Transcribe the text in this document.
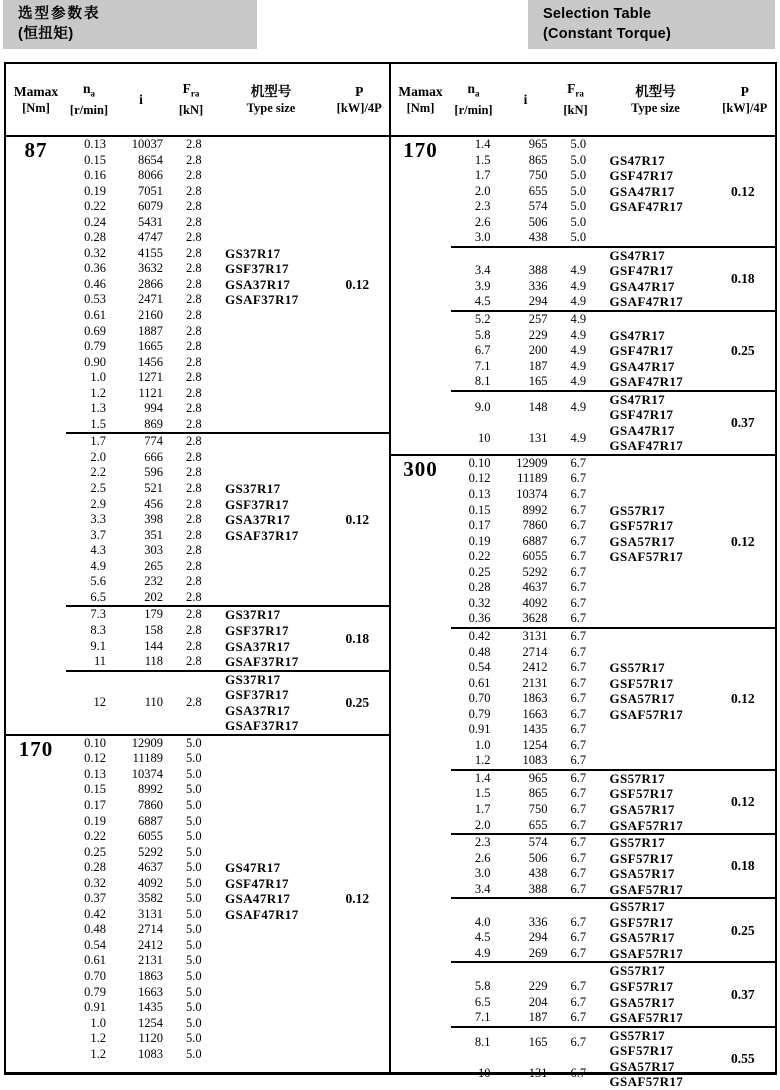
选型参数表
(恒扭矩)
Selection Table
(Constant Torque)
Mamax
[Nm]
$n_a$
[r/min]
i
$F_{ra}$
[kN]
机型号
Type size
P
[kW]/4P
87	0.13	10037	2.8
0.15	8654	2.8
0.16	8066	2.8
0.19	7051	2.8
0.22	6079	2.8
0.24	5431	2.8
0.28	4747	2.8
0.32	4155	2.8
0.36	3632	2.8
0.46	2866	2.8
0.53	2471	2.8
0.61	2160	2.8
0.69	1887	2.8
0.79	1665	2.8
0.90	1456	2.8
1.0	1271	2.8
1.2	1121	2.8
1.3	994	2.8
1.5	869	2.8
GS37R17
GSF37R17
GSA37R17
GSAF37R17
0.12
1.7	774	2.8
2.0	666	2.8
2.2	596	2.8
2.5	521	2.8
2.9	456	2.8
3.3	398	2.8
3.7	351	2.8
4.3	303	2.8
4.9	265	2.8
5.6	232	2.8
6.5	202	2.8
GS37R17
GSF37R17
GSA37R17
GSAF37R17
0.12
7.3	179	2.8
8.3	158	2.8
9.1	144	2.8
11	118	2.8
GS37R17
GSF37R17
GSA37R17
GSAF37R17
0.18
12	110	2.8
GS37R17
GSF37R17
GSA37R17
GSAF37R17
0.25
170	0.10	12909	5.0
0.12	11189	5.0
0.13	10374	5.0
0.15	8992	5.0
0.17	7860	5.0
0.19	6887	5.0
0.22	6055	5.0
0.25	5292	5.0
0.28	4637	5.0
0.32	4092	5.0
0.37	3582	5.0
0.42	3131	5.0
0.48	2714	5.0
0.54	2412	5.0
0.61	2131	5.0
0.70	1863	5.0
0.79	1663	5.0
0.91	1435	5.0
1.0	1254	5.0
1.2	1120	5.0
1.2	1083	5.0
GS47R17
GSF47R17
GSA47R17
GSAF47R17
0.12
Mamax
[Nm]
$n_a$
[r/min]
i
$F_{ra}$
[kN]
机型号
Type size
P
[kW]/4P
170	1.4	965	5.0
1.5	865	5.0
1.7	750	5.0
2.0	655	5.0
2.3	574	5.0
2.6	506	5.0
3.0	438	5.0
GS47R17
GSF47R17
GSA47R17
GSAF47R17
0.12
3.4	388	4.9
3.9	336	4.9
4.5	294	4.9
GS47R17
GSF47R17
GSA47R17
GSAF47R17
0.18
5.2	257	4.9
5.8	229	4.9
6.7	200	4.9
7.1	187	4.9
8.1	165	4.9
GS47R17
GSF47R17
GSA47R17
GSAF47R17
0.25
9.0	148	4.9
10	131	4.9
GS47R17
GSF47R17
GSA47R17
GSAF47R17
0.37
300	0.10	12909	6.7
0.12	11189	6.7
0.13	10374	6.7
0.15	8992	6.7
0.17	7860	6.7
0.19	6887	6.7
0.22	6055	6.7
0.25	5292	6.7
0.28	4637	6.7
0.32	4092	6.7
0.36	3628	6.7
GS57R17
GSF57R17
GSA57R17
GSAF57R17
0.12
0.42	3131	6.7
0.48	2714	6.7
0.54	2412	6.7
0.61	2131	6.7
0.70	1863	6.7
0.79	1663	6.7
0.91	1435	6.7
1.0	1254	6.7
1.2	1083	6.7
GS57R17
GSF57R17
GSA57R17
GSAF57R17
0.12
1.4	965	6.7
1.5	865	6.7
1.7	750	6.7
2.0	655	6.7
GS57R17
GSF57R17
GSA57R17
GSAF57R17
0.12
2.3	574	6.7
2.6	506	6.7
3.0	438	6.7
3.4	388	6.7
GS57R17
GSF57R17
GSA57R17
GSAF57R17
0.18
4.0	336	6.7
4.5	294	6.7
4.9	269	6.7
GS57R17
GSF57R17
GSA57R17
GSAF57R17
0.25
5.8	229	6.7
6.5	204	6.7
7.1	187	6.7
GS57R17
GSF57R17
GSA57R17
GSAF57R17
0.37
8.1	165	6.7
10	131	6.7
GS57R17
GSF57R17
GSA57R17
GSAF57R17
0.55
